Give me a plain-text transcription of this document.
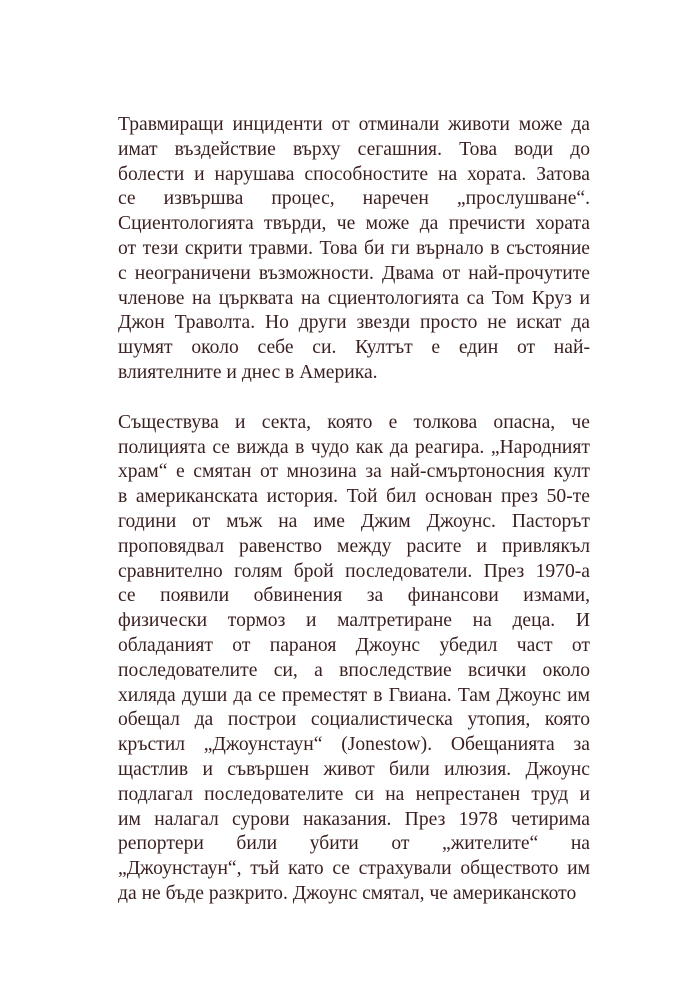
Травмиращи инциденти от отминали животи може да
имат въздействие върху сегашния. Това води до
болести и нарушава способностите на хората. Затова
се извършва процес, наречен „прослушване“.
Сциентологията твърди, че може да пречисти хората
от тези скрити травми. Това би ги върнало в състояние
с неограничени възможности. Двама от най-прочутите
членове на църквата на сциентологията са Том Круз и
Джон Траволта. Но други звезди просто не искат да
шумят около себе си. Култът е един от най-
влиятелните и днес в Америка.

Съществува и секта, която е толкова опасна, че
полицията се вижда в чудо как да реагира. „Народният
храм“ е смятан от мнозина за най-смъртоносния култ
в американската история. Той бил основан през 50-те
години от мъж на име Джим Джоунс. Пасторът
проповядвал равенство между расите и привлякъл
сравнително голям брой последователи. През 1970-а
се появили обвинения за финансови измами,
физически тормоз и малтретиране на деца. И
обладаният от параноя Джоунс убедил част от
последователите си, а впоследствие всички около
хиляда души да се преместят в Гвиана. Там Джоунс им
обещал да построи социалистическа утопия, която
кръстил „Джоунстаун“ (Jonestow). Обещанията за
щастлив и съвършен живот били илюзия. Джоунс
подлагал последователите си на непрестанен труд и
им налагал сурови наказания. През 1978 четирима
репортери били убити от „жителите“ на
„Джоунстаун“, тъй като се страхували обществото им
да не бъде разкрито. Джоунс смятал, че американското
